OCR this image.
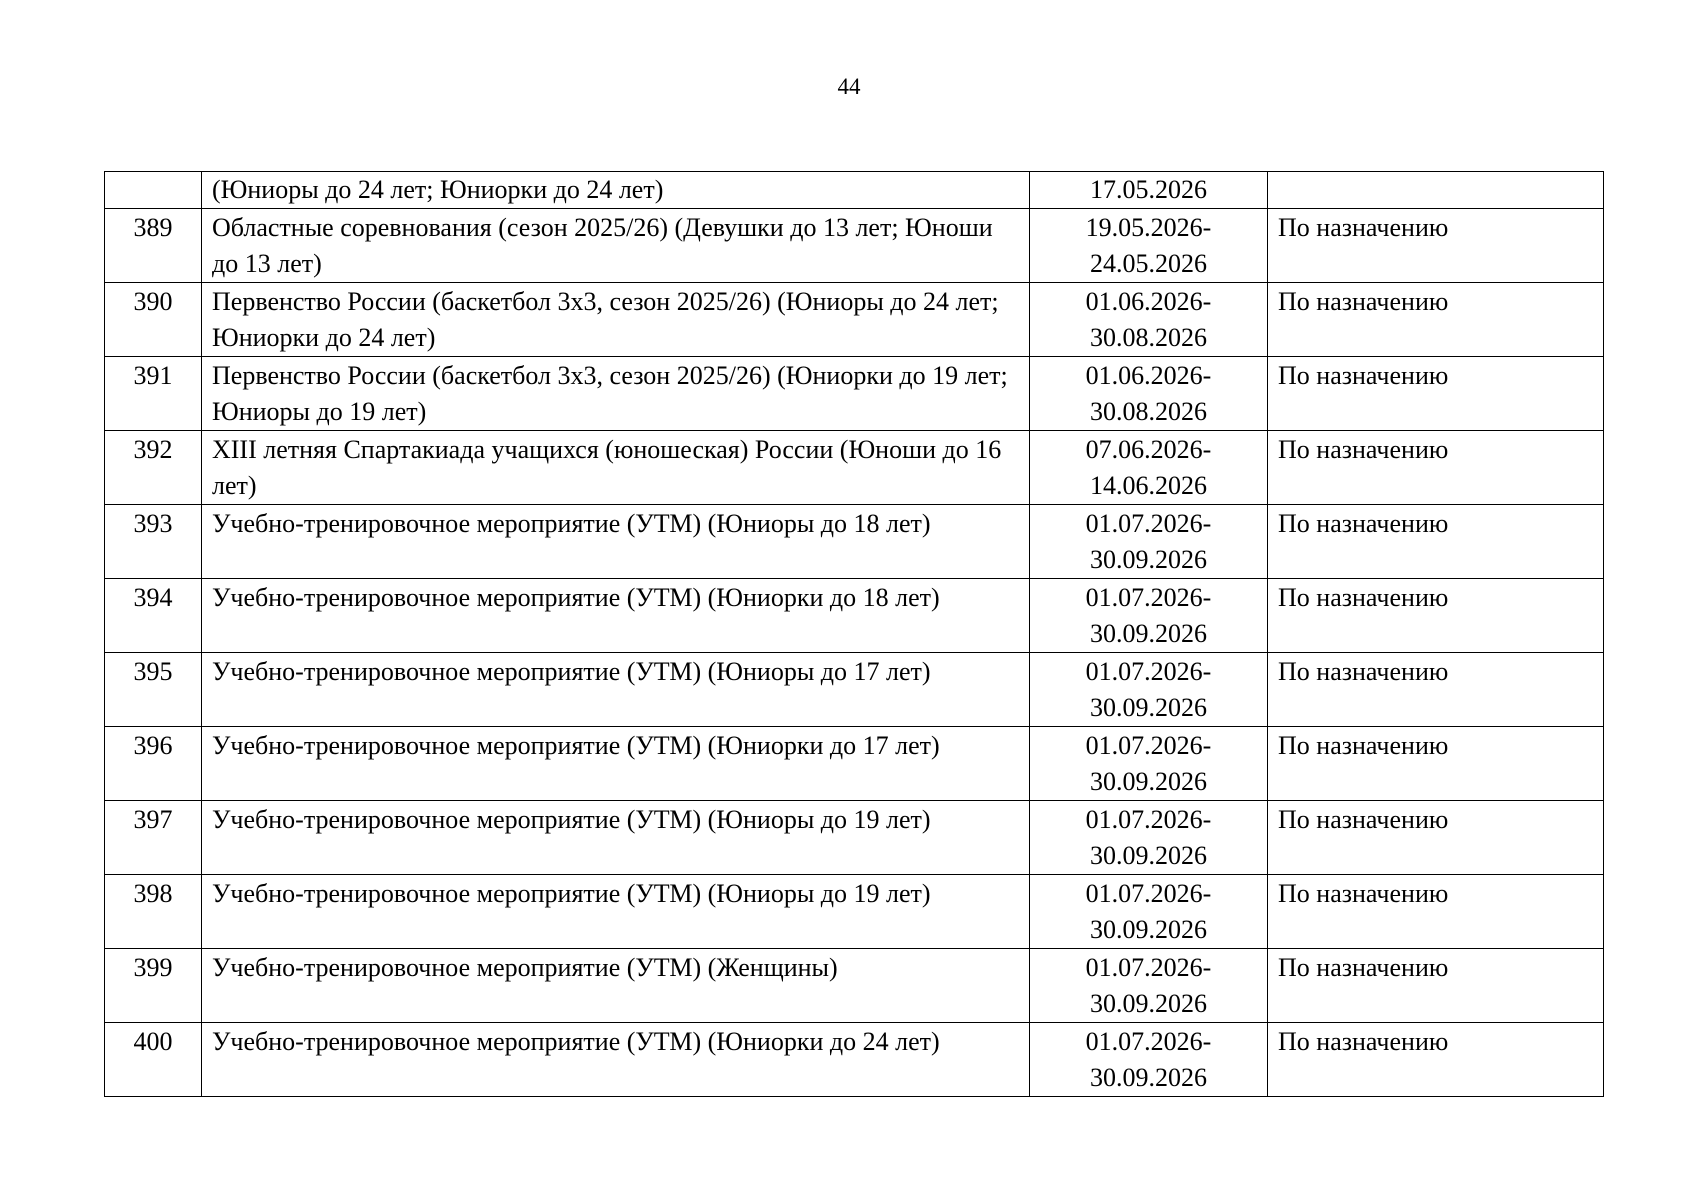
44
	(Юниоры до 24 лет; Юниорки до 24 лет)	17.05.2026	
389	Областные соревнования (сезон 2025/26) (Девушки до 13 лет; Юноши до 13 лет)	19.05.2026- 24.05.2026	По назначению
390	Первенство России (баскетбол 3х3, сезон 2025/26) (Юниоры до 24 лет; Юниорки до 24 лет)	01.06.2026- 30.08.2026	По назначению
391	Первенство России (баскетбол 3х3, сезон 2025/26) (Юниорки до 19 лет; Юниоры до 19 лет)	01.06.2026- 30.08.2026	По назначению
392	XIII летняя Спартакиада учащихся (юношеская) России (Юноши до 16 лет)	07.06.2026- 14.06.2026	По назначению
393	Учебно-тренировочное мероприятие (УТМ) (Юниоры до 18 лет)	01.07.2026- 30.09.2026	По назначению
394	Учебно-тренировочное мероприятие (УТМ) (Юниорки до 18 лет)	01.07.2026- 30.09.2026	По назначению
395	Учебно-тренировочное мероприятие (УТМ) (Юниоры до 17 лет)	01.07.2026- 30.09.2026	По назначению
396	Учебно-тренировочное мероприятие (УТМ) (Юниорки до 17 лет)	01.07.2026- 30.09.2026	По назначению
397	Учебно-тренировочное мероприятие (УТМ) (Юниоры до 19 лет)	01.07.2026- 30.09.2026	По назначению
398	Учебно-тренировочное мероприятие (УТМ) (Юниоры до 19 лет)	01.07.2026- 30.09.2026	По назначению
399	Учебно-тренировочное мероприятие (УТМ) (Женщины)	01.07.2026- 30.09.2026	По назначению
400	Учебно-тренировочное мероприятие (УТМ) (Юниорки до 24 лет)	01.07.2026- 30.09.2026	По назначению
